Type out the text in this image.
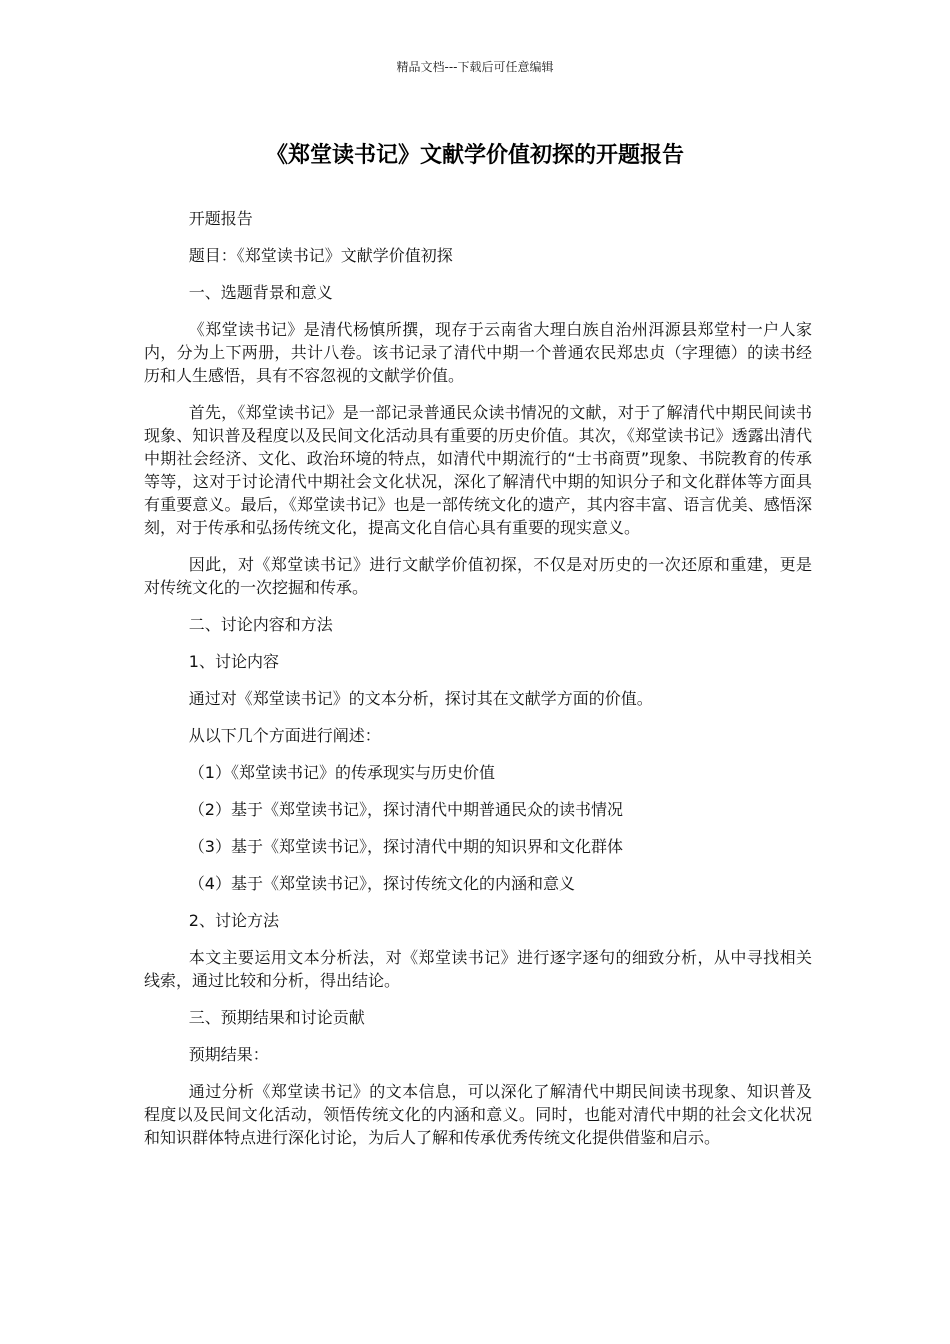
精品文档---下载后可任意编辑
《郑堂读书记》文献学价值初探的开题报告

开题报告

题目：《郑堂读书记》文献学价值初探

一、选题背景和意义

《郑堂读书记》是清代杨慎所撰，现存于云南省大理白族自治州洱源县郑堂村一户人家内，分为上下两册，共计八卷。该书记录了清代中期一个普通农民郑忠贞（字理德）的读书经历和人生感悟，具有不容忽视的文献学价值。

首先，《郑堂读书记》是一部记录普通民众读书情况的文献，对于了解清代中期民间读书现象、知识普及程度以及民间文化活动具有重要的历史价值。其次，《郑堂读书记》透露出清代中期社会经济、文化、政治环境的特点，如清代中期流行的“士书商贾”现象、书院教育的传承等等，这对于讨论清代中期社会文化状况，深化了解清代中期的知识分子和文化群体等方面具有重要意义。最后，《郑堂读书记》也是一部传统文化的遗产，其内容丰富、语言优美、感悟深刻，对于传承和弘扬传统文化，提高文化自信心具有重要的现实意义。

因此，对《郑堂读书记》进行文献学价值初探，不仅是对历史的一次还原和重建，更是对传统文化的一次挖掘和传承。

二、讨论内容和方法

1、讨论内容

通过对《郑堂读书记》的文本分析，探讨其在文献学方面的价值。

从以下几个方面进行阐述：

（1）《郑堂读书记》的传承现实与历史价值

（2）基于《郑堂读书记》，探讨清代中期普通民众的读书情况

（3）基于《郑堂读书记》，探讨清代中期的知识界和文化群体

（4）基于《郑堂读书记》，探讨传统文化的内涵和意义

2、讨论方法

本文主要运用文本分析法，对《郑堂读书记》进行逐字逐句的细致分析，从中寻找相关线索，通过比较和分析，得出结论。

三、预期结果和讨论贡献

预期结果：

通过分析《郑堂读书记》的文本信息，可以深化了解清代中期民间读书现象、知识普及程度以及民间文化活动，领悟传统文化的内涵和意义。同时，也能对清代中期的社会文化状况和知识群体特点进行深化讨论，为后人了解和传承优秀传统文化提供借鉴和启示。
